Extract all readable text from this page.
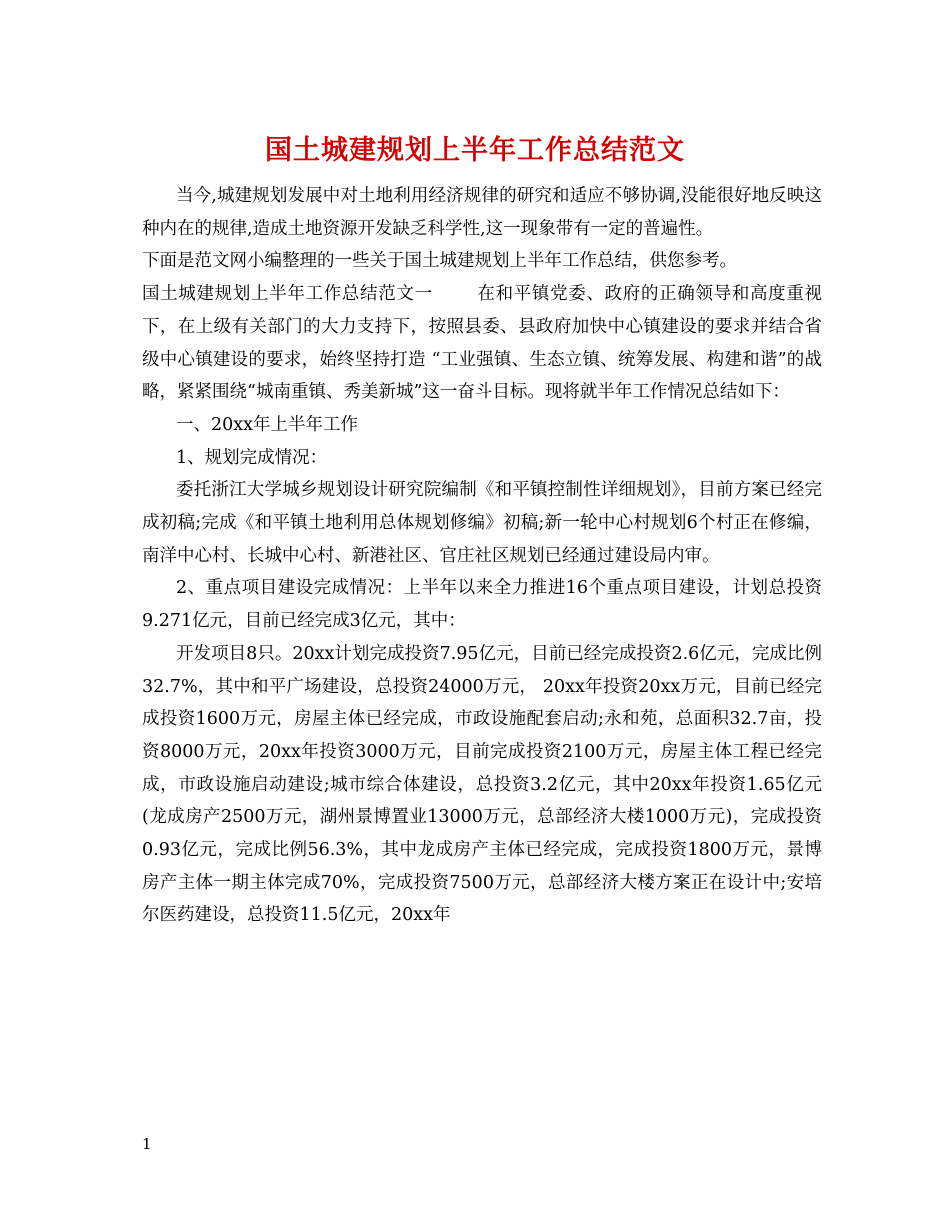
国土城建规划上半年工作总结范文

当今,城建规划发展中对土地利用经济规律的研究和适应不够协调,没能很好地反映这种内在的规律,造成土地资源开发缺乏科学性,这一现象带有一定的普遍性。

下面是范文网小编整理的一些关于国土城建规划上半年工作总结，供您参考。

国土城建规划上半年工作总结范文一	在和平镇党委、政府的正确领导和高度重视下，在上级有关部门的大力支持下，按照县委、县政府加快中心镇建设的要求并结合省级中心镇建设的要求，始终坚持打造 “工业强镇、生态立镇、统筹发展、构建和谐”的战略，紧紧围绕“城南重镇、秀美新城”这一奋斗目标。现将就半年工作情况总结如下：

一、20xx年上半年工作

1、规划完成情况：

委托浙江大学城乡规划设计研究院编制《和平镇控制性详细规划》，目前方案已经完成初稿;完成《和平镇土地利用总体规划修编》初稿;新一轮中心村规划6个村正在修编，南洋中心村、长城中心村、新港社区、官庄社区规划已经通过建设局内审。

2、重点项目建设完成情况：上半年以来全力推进16个重点项目建设，计划总投资9.271亿元，目前已经完成3亿元，其中：

开发项目8只。20xx计划完成投资7.95亿元，目前已经完成投资2.6亿元，完成比例32.7%，其中和平广场建设，总投资24000万元， 20xx年投资20xx万元，目前已经完成投资1600万元，房屋主体已经完成，市政设施配套启动;永和苑，总面积32.7亩，投资8000万元，20xx年投资3000万元，目前完成投资2100万元，房屋主体工程已经完成，市政设施启动建设;城市综合体建设，总投资3.2亿元，其中20xx年投资1.65亿元(龙成房产2500万元，湖州景博置业13000万元，总部经济大楼1000万元)，完成投资0.93亿元，完成比例56.3%，其中龙成房产主体已经完成，完成投资1800万元，景博房产主体一期主体完成70%，完成投资7500万元，总部经济大楼方案正在设计中;安培尔医药建设，总投资11.5亿元，20xx年

1
